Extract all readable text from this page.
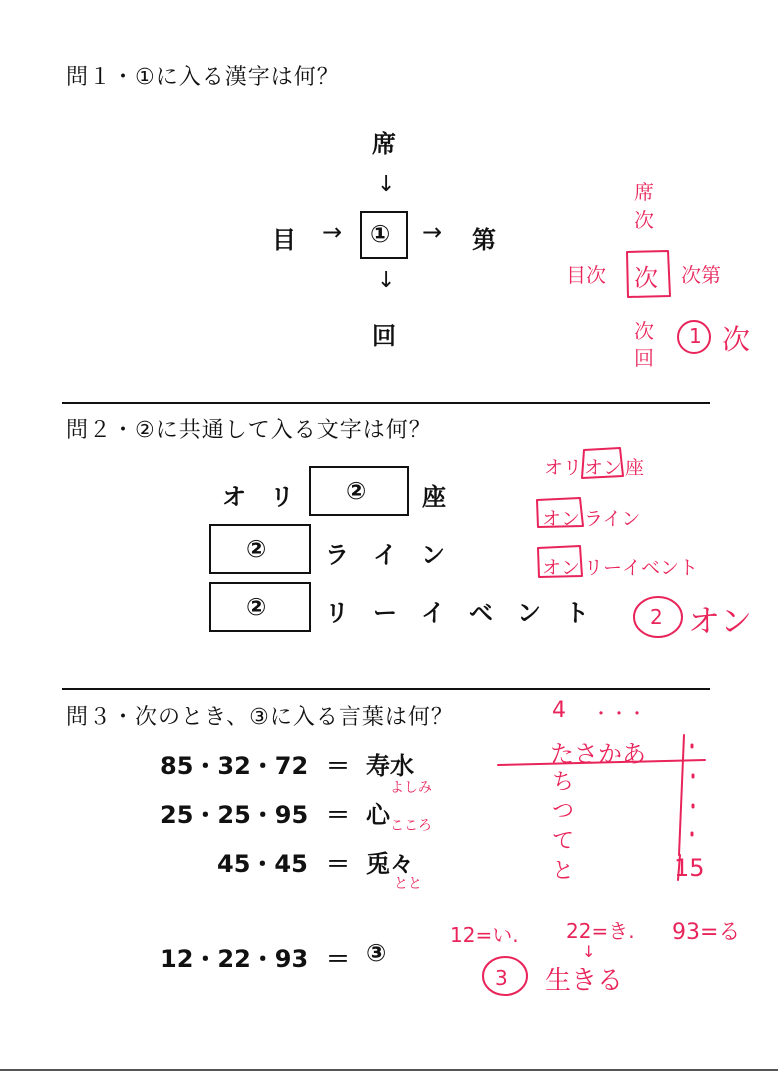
問１・①に入る漢字は何？
席
↓
目 → ① → 第
↓
回
席
次
目次 次 次第
次
回
1 次
問２・②に共通して入る文字は何？
オ　リ ② 座
② ラ　イ　ン
② リ　ー　イ　ベ　ン　ト
オリ オン 座
オン ライン
オン リーイベント
2 オン
問３・次のとき、③に入る言葉は何？
85・32・72 ＝ 寿水
よしみ
25・25・95 ＝ 心 こころ
45・45 ＝ 兎々
とと
12・22・93 ＝ ③
4 ・・・
たさかあ
ち
つ
て
と	15
12=い. 22=き. 93=る
↓
3 生きる
